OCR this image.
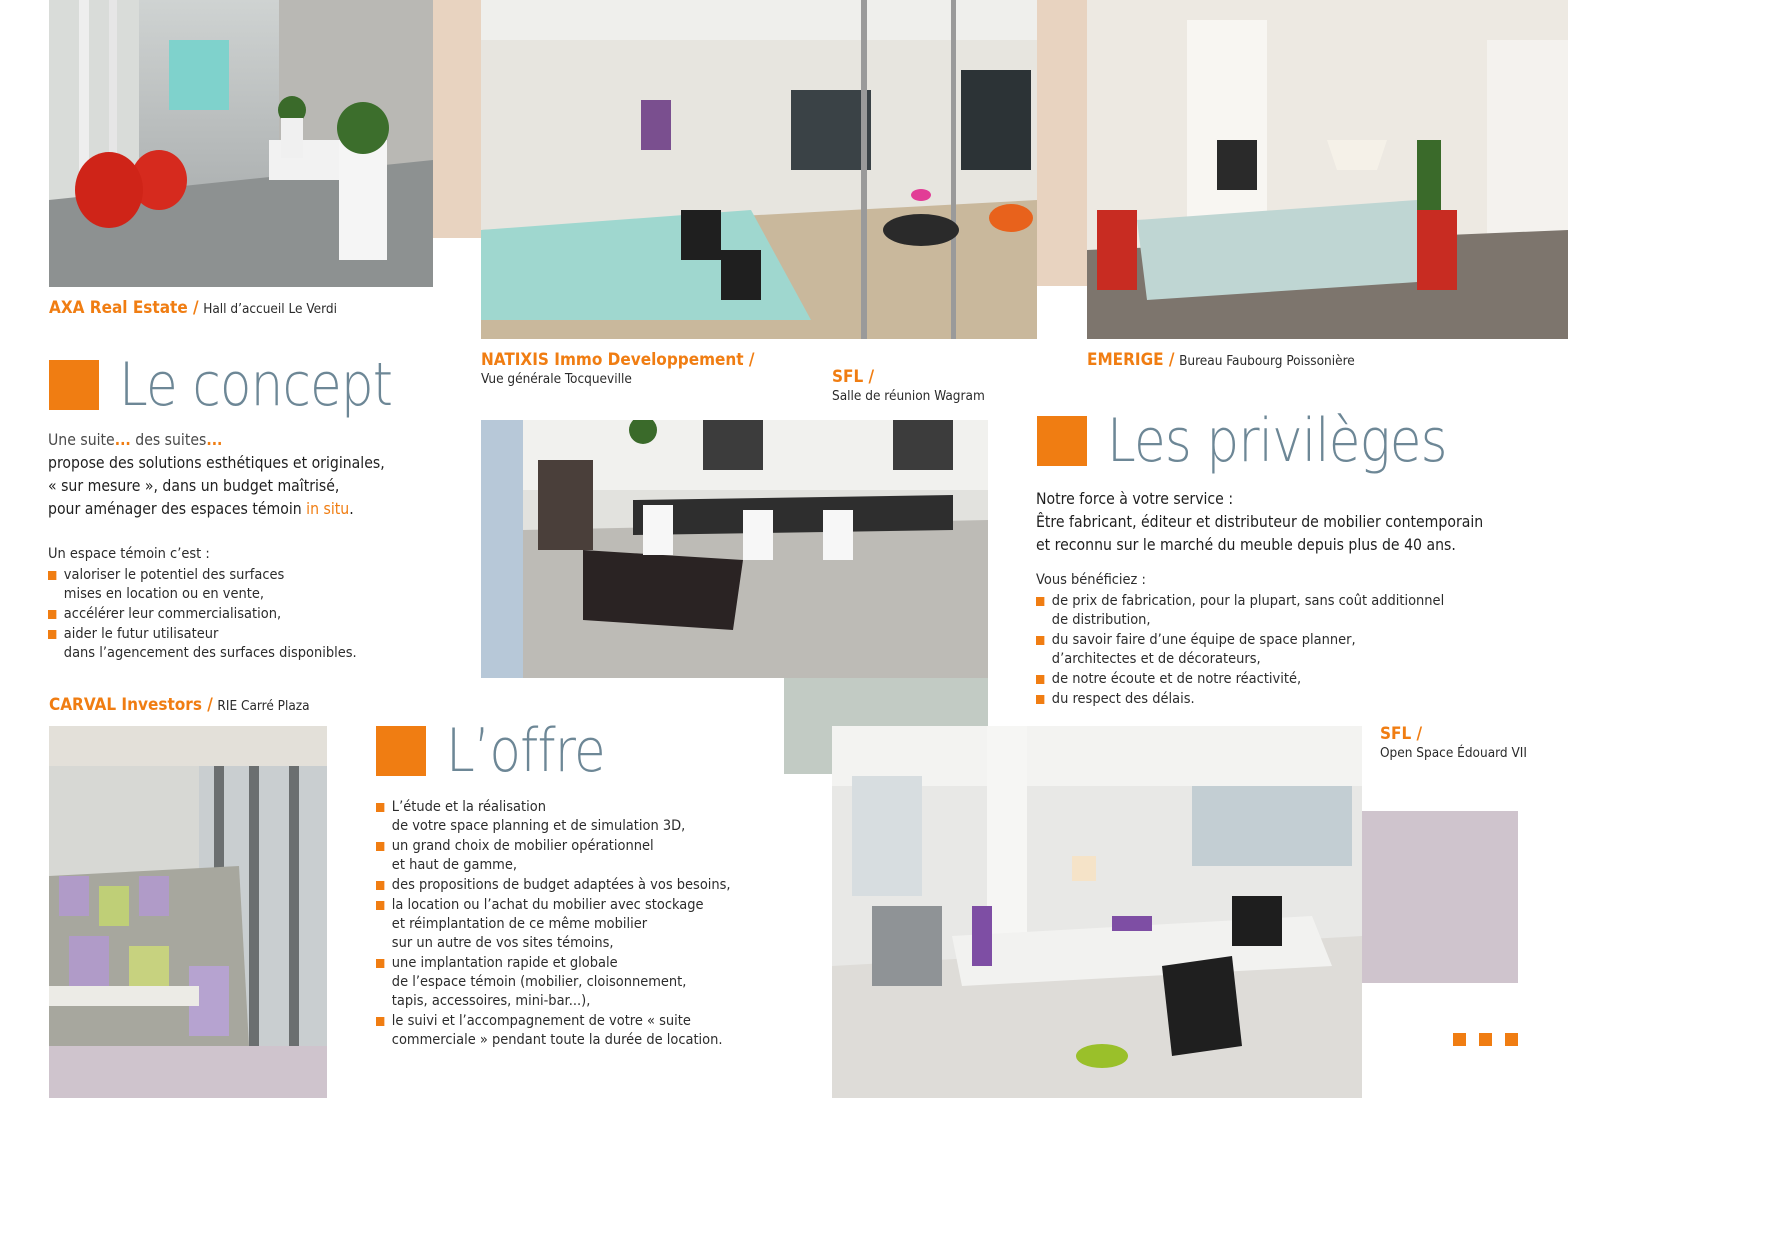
AXA Real Estate / Hall d’accueil Le Verdi
NATIXIS Immo Developpement /
Vue générale Tocqueville	SFL /
Salle de réunion Wagram
EMERIGE / Bureau Faubourg Poissonière
CARVAL Investors / RIE Carré Plaza
SFL /
Open Space Édouard VII
Le concept
Une suite... des suites...
propose des solutions esthétiques et originales,
« sur mesure », dans un budget maîtrisé,
pour aménager des espaces témoin in situ.
Un espace témoin c’est :
valoriser le potentiel des surfaces
mises en location ou en vente,
accélérer leur commercialisation,
aider le futur utilisateur
dans l’agencement des surfaces disponibles.
Les privilèges
Notre force à votre service :
Être fabricant, éditeur et distributeur de mobilier contemporain
et reconnu sur le marché du meuble depuis plus de 40 ans.
Vous bénéficiez :
de prix de fabrication, pour la plupart, sans coût additionnel
de distribution,
du savoir faire d’une équipe de space planner,
d’architectes et de décorateurs,
de notre écoute et de notre réactivité,
du respect des délais.
L’offre
L’étude et la réalisation
de votre space planning et de simulation 3D,
un grand choix de mobilier opérationnel
et haut de gamme,
des propositions de budget adaptées à vos besoins,
la location ou l’achat du mobilier avec stockage
et réimplantation de ce même mobilier
sur un autre de vos sites témoins,
une implantation rapide et globale
de l’espace témoin (mobilier, cloisonnement,
tapis, accessoires, mini-bar...),
le suivi et l’accompagnement de votre « suite
commerciale » pendant toute la durée de location.
